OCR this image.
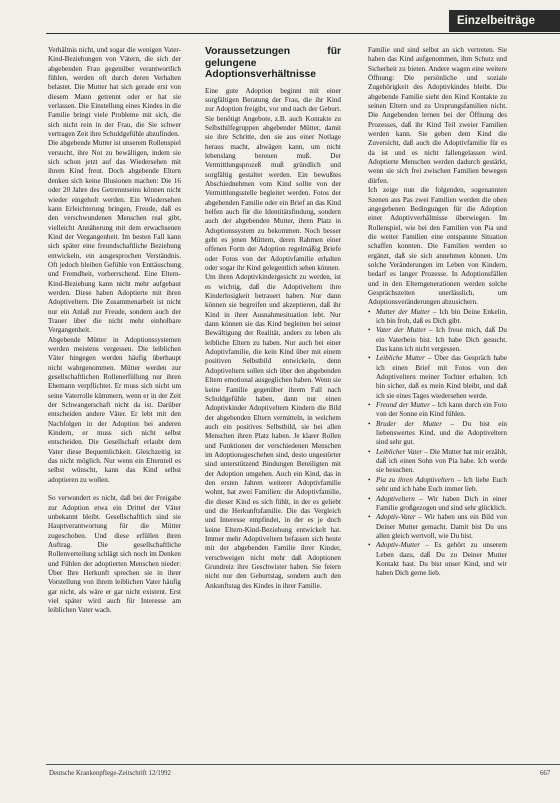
Einzelbeiträge

Verhältnis nicht, und sogar die wenigen Vater-Kind-Beziehungen von Vätern, die sich der abgebenden Frau gegenüber verantwortlich fühlen, werden oft durch deren Verhalten belastet. Die Mutter hat sich gerade erst von diesem Mann getrennt oder er hat sie verlassen. Die Einstellung eines Kindes in die Familie bringt viele Probleme mit sich, die sich nicht rein in der Frau, die Sie schwer vertragen Zeit ihre Schuldgefühle abzufinden.

Die abgebende Mutter ist unserem Rollenspiel versucht, ihre Not zu bewältigen, indem sie sich schon jetzt auf das Wiedersehen mit ihrem Kind freut. Doch abgebende Eltern denken sich keine Illusionen machen: Die 16 oder 20 Jahre des Getrenntseins können nicht wieder eingeholt werden. Ein Wiedersehen kann Erleichterung bringen, Freude, daß es den verschwundenen Menschen real gibt, vielleicht Annäherung mit dem erwachsenen Kind der Vergangenheit. Im besten Fall kann sich später eine freundschaftliche Beziehung entwickeln, ein ausgesprochen Verständnis. Oft jedoch bleiben Gefühle von Enttäuschung und Fremdheit, vorherrschend. Eine Eltern-Kind-Beziehung kann nicht mehr aufgebaut werden. Diese haben Adoptierte mit ihren Adoptiveltern. Die Zusammenarbeit ist nicht nur ein Anlaß zur Freude, sondern auch der Trauer über die nicht mehr einholbare Vergangenheit.

Abgebende Mütter in Adoptionssystemen werden meistens vergessen. Die leiblichen Väter hingegen werden häufig überhaupt nicht wahrgenommen. Mütter werden zur gesellschaftlichen Rollenerfüllung nur ihren Ehemann verpflichtet. Er muss sich nicht um seine Vaterrolle kümmern, wenn er in der Zeit der Schwangerschaft nicht da ist. Darüber entscheiden andere Väter. Er lebt mit den Nachfolgen in der Adoption bei anderen Kindern, er muss sich nicht selbst entscheiden. Die Gesellschaft erlaubt dem Vater diese Bequemlichkeit. Gleichzeitig ist das nicht möglich. Nur wenn ein Elternteil es selbst wünscht, kann das Kind selbst adoptieren zu wollen.

So verwundert es nicht, daß bei der Freigabe zur Adoption etwa ein Drittel der Väter unbekannt bleibt. Gesellschaftlich sind sie Hauptverantwortung für die Mütter zugeschoben. Und diese erfüllen ihren Auftrag. Die gesellschaftliche Rollenverteilung schlägt sich noch im Denken und Fühlen der adoptierten Menschen nieder: Über Ihre Herkunft sprechen sie in ihrer Vorstellung von ihrem leiblichen Vater häufig gar nicht, als wäre er gar nicht existent. Erst viel später wird auch für Interesse am leiblichen Vater wach.

Voraussetzungen für gelungene Adoptionsverhältnisse

Eine gute Adoption beginnt mit einer sorgfältigen Beratung der Frau, die ihr Kind zur Adoption freigibt, vor und nach der Geburt. Sie benötigt Angebote, z.B. auch Kontakte zu Selbsthilfegruppen abgebender Mütter, damit sie ihre Schritte, den sie aus einer Notlage heraus macht, abwägen kann, um nicht lebenslang bereuen muß. Der Vermittlungsprozeß muß gründlich und sorgfältig gestaltet werden. Ein bewußtes Abschiednehmen vom Kind sollte von der Vermittlungsstelle begleitet werden. Fotos der abgebenden Familie oder ein Brief an das Kind helfen auch für die Identitätsfindung, sondern auch der abgebenden Mutter, ihren Platz in Adoptionssystem zu bekommen. Noch besser geht es jenen Müttern, deren Rahmen einer offenen Form der Adoption regelmäßig Briefe oder Fotos von der Adoptivfamilie erhalten oder sogar ihr Kind gelegentlich sehen können.

Um ihren Adoptivkindergesicht zu werden, ist es wichtig, daß die Adoptiveltern ihre Kinderlosigkeit betrauert haben. Nur dann können sie begreifen und akzeptieren, daß ihr Kind in ihrer Ausnahmesituation lebt. Nur dann können sie das Kind begleiten bei seiner Bewältigung der Realität, anders zu leben als leibliche Eltern zu haben. Nur auch bei einer Adoptivfamilie, die kein Kind über mit einem positiven Selbstbild entwickeln, denn Adoptiveltern sollen sich über den abgebenden Eltern emotional ausgeglichen haben. Wenn sie keine Familie gegenüber ihrem Fall nach Schuldgefühle haben, dann nur einen Adoptivkinder Adoptiveltern Kindern die Bild der abgebenden Eltern vermitteln, in welchem auch ein positives Selbstbild, sie bei allen Menschen ihren Platz haben. Je klarer Rollen und Funktionen der verschiedenen Menschen im Adoptionsgeschehen sind, desto ungestörter sind unterstützend Bindungen Beteiligten mit der Adoption umgehen. Auch ein Kind, das in den ersten Jahren weiterer Adoptivfamilie wohnt, hat zwei Familien: die Adoptivfamilie, die dieser Kind es sich fühlt, in der es geliebt und die Herkunftsfamilie. Die das Vergleich und Interesse empfindet, in der es je doch keine Eltern-Kind-Beziehung entwickelt hat. Immer mehr Adoptiveltern befassen sich heute mit der abgebenden Familie ihrer Kinder, verschweigen nicht mehr daß Adoptionen Grundreiz ihre Geschwister haben. Sie feiern nicht nur den Geburtstag, sondern auch den Ankunftstag des Kindes in ihrer Familie.

Familie und sind selbst an sich vertreten. Sie haben das Kind aufgenommen, ihm Schutz und Sicherheit zu bieten. Andere wagen eine weitere Öffnung: Die persönliche und soziale Zugehörigkeit des Adoptivkindes bleibt. Die abgebende Familie sieht den Kind Kontakte zu seinen Eltern und zu Ursprungsfamilien nicht. Die Angebenden lernen bei der Öffnung des Prozesses, daß ihr Kind Teil zweier Familien werden kann. Sie geben dem Kind die Zuversicht, daß auch die Adoptivfamilie für es da ist und es nicht fallengelassen wird. Adoptierte Menschen werden dadurch gestärkt, wenn sie sich frei zwischen Familien bewegen dürfen.

Ich zeige nun die folgenden, sogenannten Szenen aus Pas zwei Familien werden die oben angegebenen Bedingungen für die Adoption einer Adoptivverhältnisse überwiegen. Im Rollenspiel, wie bei den Familien von Pia und die weiter Familien eine entspannte Situation schaffen konnten. Die Familien werden so ergänzt, daß sie sich annehmen können. Um solche Veränderungen im Leben von Kindern, bedarf es langer Prozesse. In Adoptionsfällen und in den Elterngenerationen werden solche Gesprächszeiten unerlässlich, um Adoptionsveränderungen abzusichern.

• Mutter der Mutter – Ich bin Deine Enkelin, ich bin froh, daß es Dich gibt.
• Vater der Mutter – Ich freue mich, daß Du ein Vaterbein bist. Ich habe Dich gesucht. Das kann ich nicht vergessen.
• Leibliche Mutter – Über das Gespräch habe ich einen Brief mit Fotos von den Adoptiveltern meiner Tochter erhalten. Ich bin sicher, daß es mein Kind bleibt, und daß ich sie eines Tages wiedersehen werde.
• Freund der Mutter – Ich kann durch ein Foto von der Sonne ein Kind fühlen.
• Bruder der Mutter – Du bist ein liebenswertes Kind, und die Adoptiveltern sind sehr gut.
• Leiblicher Vater – Die Mutter hat mir erzählt, daß ich einen Sohn von Pia habe. Ich werde sie besuchen.
• Pia zu ihren Adoptiveltern – Ich liebe Euch sehr und ich habe Euch immer lieb.
• Adoptiveltern – Wir haben Dich in einer Familie großgezogen und sind sehr glücklich.
• Adoptiv-Vater – Wir haben uns ein Bild von Deiner Mutter gemacht. Damit bist Du uns allen gleich wertvoll, wie Du bist.
• Adoptiv-Mutter – Es gehört zu unserem Leben dazu, daß Du zu Deiner Mutter Kontakt hast. Du bist unser Kind, und wir haben Dich gerne lieb.
Deutsche Krankenpflege-Zeitschrift 12/1992	667
